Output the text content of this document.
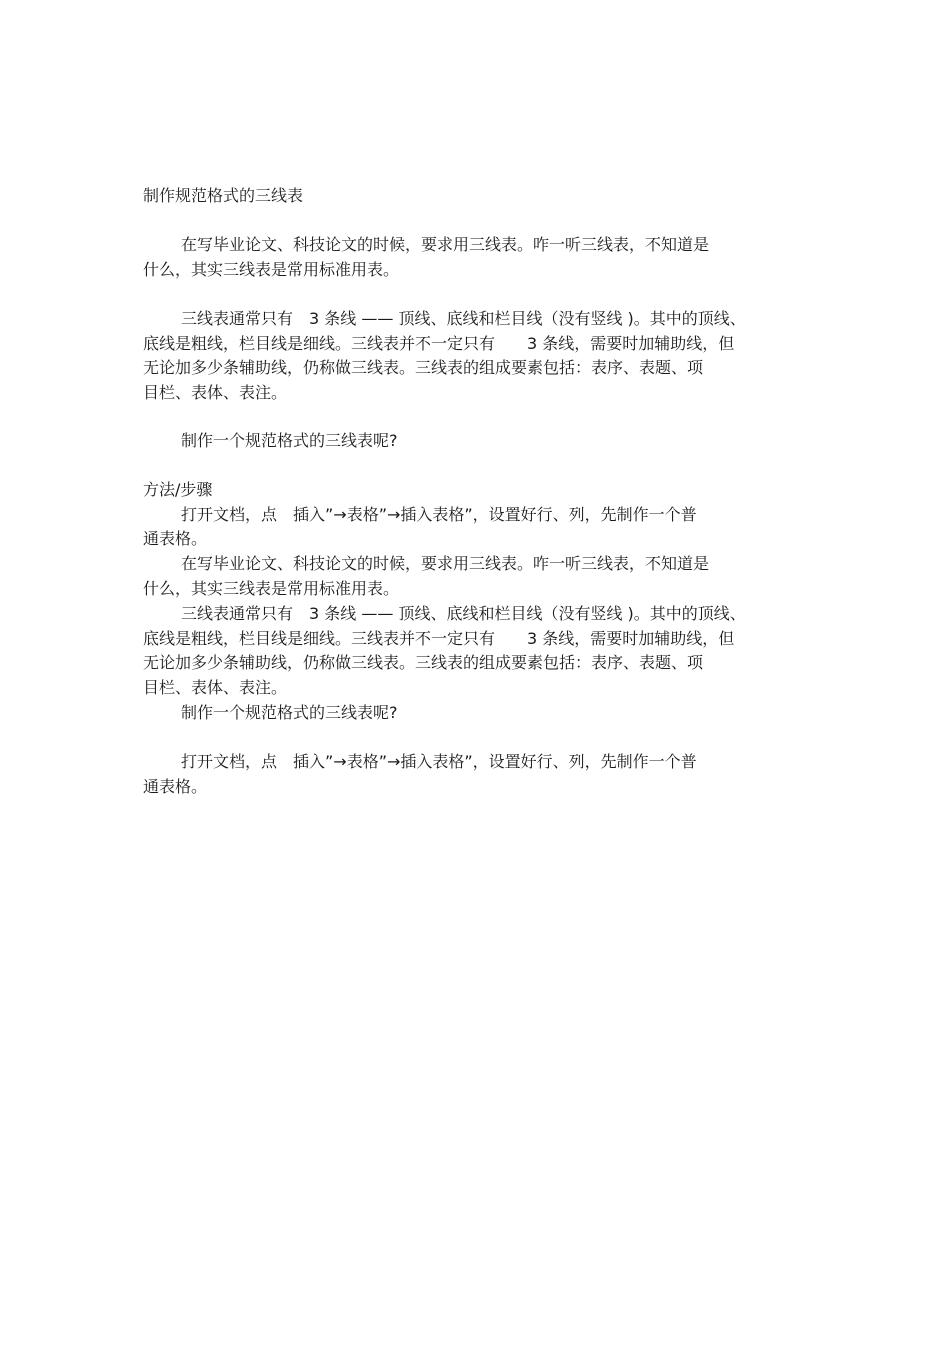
制作规范格式的三线表

在写毕业论文、科技论文的时候，要求用三线表。咋一听三线表，不知道是

什么，其实三线表是常用标准用表。

三线表通常只有　3 条线 —— 顶线、底线和栏目线（没有竖线 )。其中的顶线、

底线是粗线，栏目线是细线。三线表并不一定只有　　3 条线，需要时加辅助线，但

无论加多少条辅助线，仍称做三线表。三线表的组成要素包括：表序、表题、项

目栏、表体、表注。

制作一个规范格式的三线表呢?

方法/步骤

打开文档，点　插入”→表格”→插入表格”，设置好行、列，先制作一个普

通表格。

在写毕业论文、科技论文的时候，要求用三线表。咋一听三线表，不知道是

什么，其实三线表是常用标准用表。

三线表通常只有　3 条线 —— 顶线、底线和栏目线（没有竖线 )。其中的顶线、

底线是粗线，栏目线是细线。三线表并不一定只有　　3 条线，需要时加辅助线，但

无论加多少条辅助线，仍称做三线表。三线表的组成要素包括：表序、表题、项

目栏、表体、表注。

制作一个规范格式的三线表呢?

打开文档，点　插入”→表格”→插入表格”，设置好行、列，先制作一个普

通表格。
